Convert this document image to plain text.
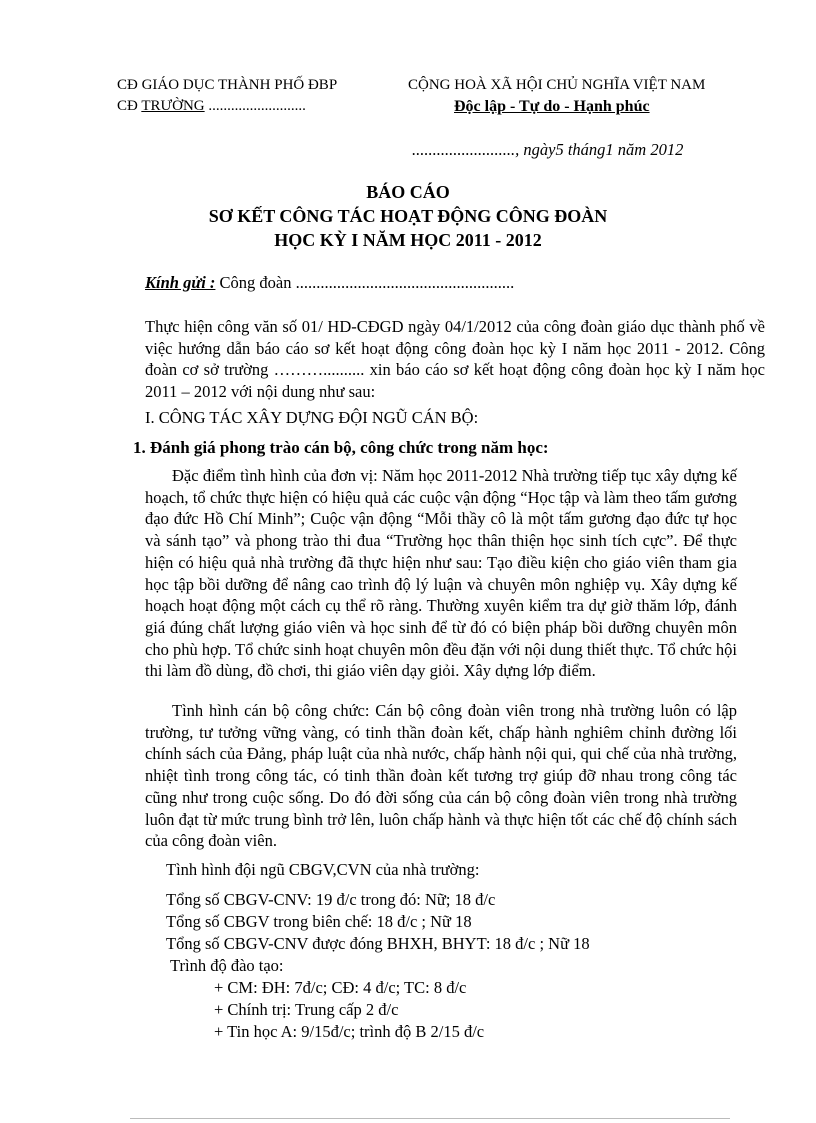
CĐ GIÁO DỤC THÀNH PHỐ ĐBP
CĐ TRƯỜNG ..........................
CỘNG HOÀ XÃ HỘI CHỦ NGHĨA VIỆT NAM
Độc lập - Tự do - Hạnh phúc
........................., ngày5 tháng1 năm 2012
BÁO CÁO
SƠ KẾT CÔNG TÁC HOẠT ĐỘNG CÔNG ĐOÀN
HỌC KỲ I NĂM HỌC 2011 - 2012
Kính gửi : Công đoàn .....................................................
Thực hiện công văn số 01/ HD-CĐGD ngày 04/1/2012 của công đoàn giáo dục thành phố về việc hướng dẫn báo cáo sơ kết hoạt động công đoàn học kỳ I năm học 2011 - 2012. Công đoàn cơ sở trường ……….......... xin báo cáo sơ kết hoạt động công đoàn học kỳ I năm học 2011 – 2012 với nội dung như sau:
I. CÔNG TÁC XÂY DỰNG ĐỘI NGŨ CÁN BỘ:
1. Đánh giá phong trào cán bộ, công chức trong năm học:
Đặc điểm tình hình của đơn vị: Năm học 2011-2012 Nhà trường tiếp tục xây dựng kế hoạch, tổ chức thực hiện có hiệu quả các cuộc vận động “Học tập và làm theo tấm gương đạo đức Hồ Chí Minh”; Cuộc vận động “Mỗi thầy cô là một tấm gương đạo đức tự học và sánh tạo” và phong trào thi đua “Trường học thân thiện học sinh tích cực”. Để thực hiện có hiệu quả nhà trường đã thực hiện như sau: Tạo điều kiện cho giáo viên tham gia học tập bồi dưỡng để nâng cao trình độ lý luận và chuyên môn nghiệp vụ. Xây dựng kế hoạch hoạt động một cách cụ thể rõ ràng. Thường xuyên kiểm tra dự giờ thăm lớp, đánh giá đúng chất lượng giáo viên và học sinh để từ đó có biện pháp bồi dưỡng chuyên môn cho phù hợp. Tổ chức sinh hoạt chuyên môn đều đặn với nội dung thiết thực. Tổ chức hội thi làm đồ dùng, đồ chơi, thi giáo viên dạy giỏi. Xây dựng lớp điểm.
Tình hình cán bộ công chức: Cán bộ công đoàn viên trong nhà trường luôn có lập trường, tư tưởng vững vàng, có tinh thần đoàn kết, chấp hành nghiêm chỉnh đường lối chính sách của Đảng, pháp luật của nhà nước, chấp hành nội qui, qui chế của nhà trường, nhiệt tình trong công tác, có tinh thần đoàn kết tương trợ giúp đỡ nhau trong công tác cũng như trong cuộc sống. Do đó đời sống của cán bộ công đoàn viên trong nhà trường luôn đạt từ mức trung bình trở lên, luôn chấp hành và thực hiện tốt các chế độ chính sách của công đoàn viên.
Tình hình đội ngũ CBGV,CVN của nhà trường:
Tổng số CBGV-CNV: 19 đ/c trong đó: Nữ; 18 đ/c
Tổng số CBGV trong biên chế: 18 đ/c ; Nữ 18
Tổng số CBGV-CNV được đóng BHXH, BHYT: 18 đ/c ; Nữ 18
Trình độ đào tạo:
+ CM: ĐH: 7đ/c; CĐ: 4 đ/c; TC: 8 đ/c
+ Chính trị: Trung cấp 2 đ/c
+ Tin học A: 9/15đ/c; trình độ B 2/15 đ/c
